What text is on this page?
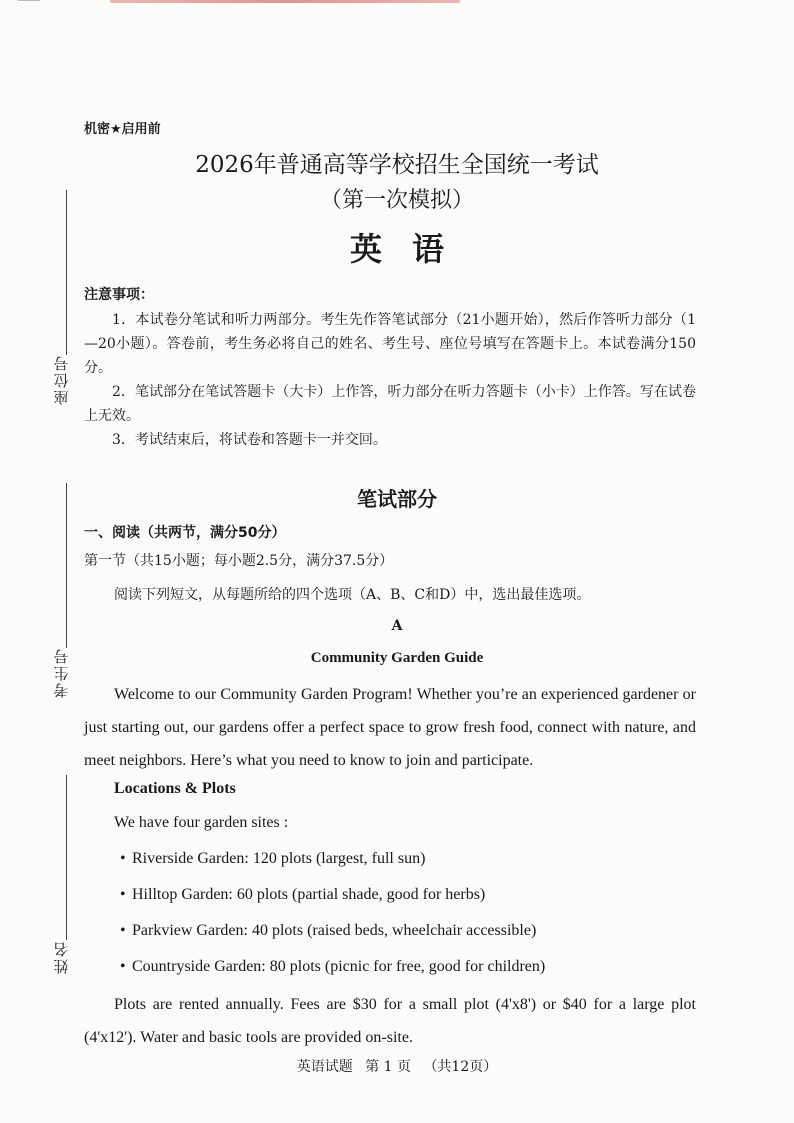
座位号
考生号
姓名
机密★启用前
2026年普通高等学校招生全国统一考试
（第一次模拟）
英语
注意事项：

1．本试卷分笔试和听力两部分。考生先作答笔试部分（21小题开始），然后作答听力部分（1—20小题）。答卷前，考生务必将自己的姓名、考生号、座位号填写在答题卡上。本试卷满分150分。

2．笔试部分在笔试答题卡（大卡）上作答，听力部分在听力答题卡（小卡）上作答。写在试卷上无效。

3．考试结束后，将试卷和答题卡一并交回。

笔试部分
一、阅读（共两节，满分50分）
第一节（共15小题；每小题2.5分，满分37.5分）
阅读下列短文，从每题所给的四个选项（A、B、C和D）中，选出最佳选项。
A
Community Garden Guide
Welcome to our Community Garden Program! Whether you’re an experienced gardener or just starting out, our gardens offer a perfect space to grow fresh food, connect with nature, and meet neighbors. Here’s what you need to know to join and participate.
Locations & Plots
We have four garden sites :
• Riverside Garden: 120 plots (largest, full sun)
• Hilltop Garden: 60 plots (partial shade, good for herbs)
• Parkview Garden: 40 plots (raised beds, wheelchair accessible)
• Countryside Garden: 80 plots (picnic for free, good for children)
Plots are rented annually. Fees are $30 for a small plot (4'x8') or $40 for a large plot (4'x12'). Water and basic tools are provided on-site.
英语试题 第 1 页 （共12页）
